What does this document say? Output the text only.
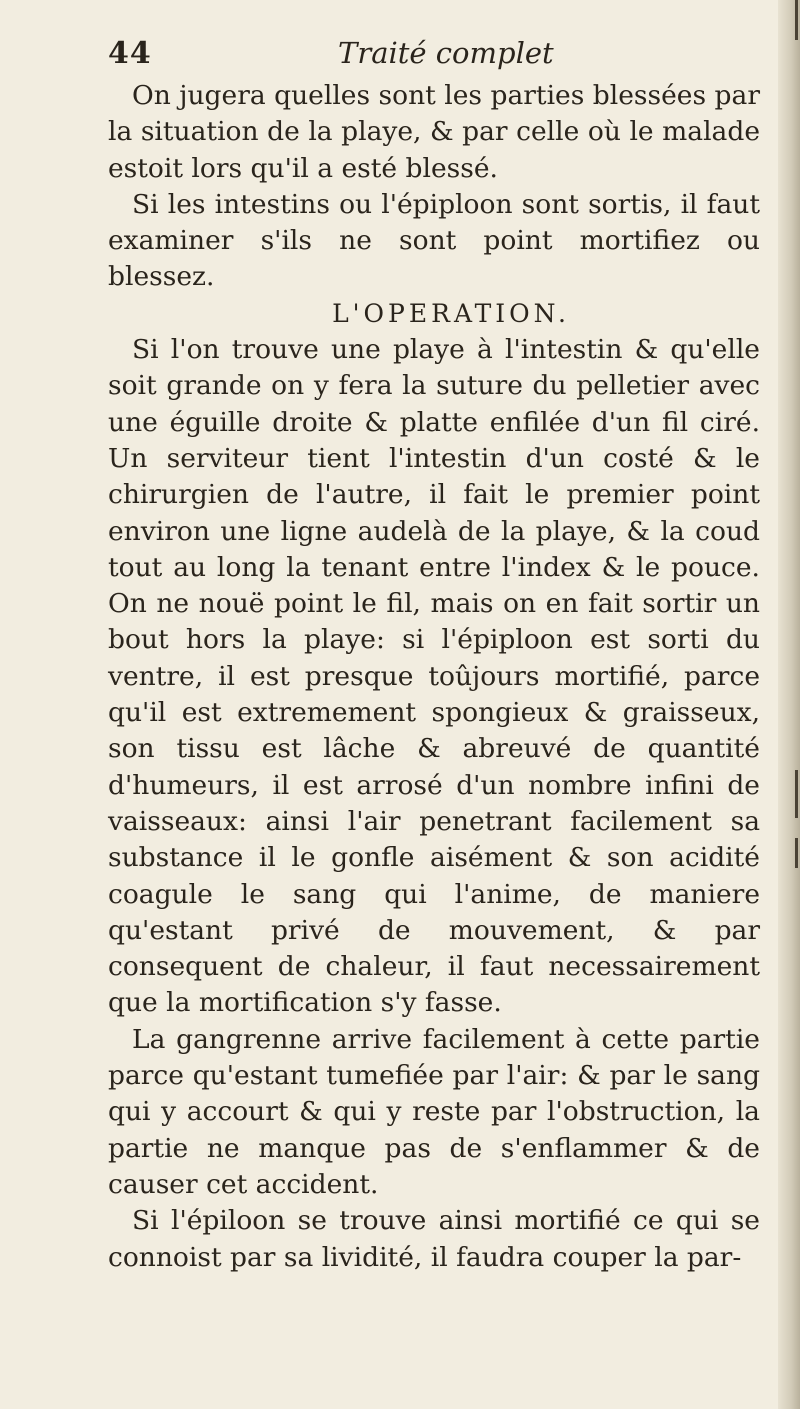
44	Traité complet

On jugera quelles sont les parties blessées par la situation de la playe, & par celle où le malade estoit lors qu'il a esté blessé.

Si les intestins ou l'épiploon sont sortis, il faut examiner s'ils ne sont point mortifiez ou blessez.

L'OPERATION.

Si l'on trouve une playe à l'intestin & qu'elle soit grande on y fera la suture du pelletier avec une éguille droite & platte enfilée d'un fil ciré. Un serviteur tient l'intestin d'un costé & le chirurgien de l'autre, il fait le premier point environ une ligne audelà de la playe, & la coud tout au long la tenant entre l'index & le pouce. On ne nouë point le fil, mais on en fait sortir un bout hors la playe: si l'épiploon est sorti du ventre, il est presque toûjours mortifié, parce qu'il est extremement spongieux & graisseux, son tissu est lâche & abreuvé de quantité d'humeurs, il est arrosé d'un nombre infini de vaisseaux: ainsi l'air penetrant facilement sa substance il le gonfle aisément & son acidité coagule le sang qui l'anime, de maniere qu'estant privé de mouvement, & par consequent de chaleur, il faut necessairement que la mortification s'y fasse.

La gangrenne arrive facilement à cette partie parce qu'estant tumefiée par l'air: & par le sang qui y accourt & qui y reste par l'obstruction, la partie ne manque pas de s'enflammer & de causer cet accident.

Si l'épiloon se trouve ainsi mortifié ce qui se connoist par sa lividité, il faudra couper la par-
